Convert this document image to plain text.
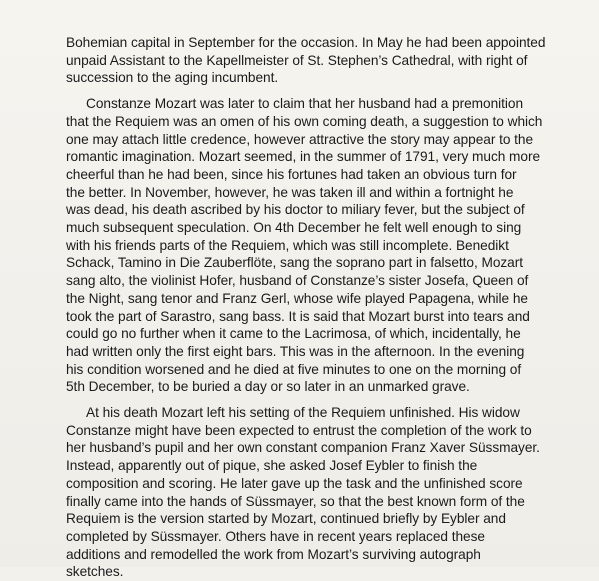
Bohemian capital in September for the occasion. In May he had been appointed
unpaid Assistant to the Kapellmeister of St. Stephen’s Cathedral, with right of
succession to the aging incumbent.

Constanze Mozart was later to claim that her husband had a premonition
that the Requiem was an omen of his own coming death, a suggestion to which
one may attach little credence, however attractive the story may appear to the
romantic imagination. Mozart seemed, in the summer of 1791, very much more
cheerful than he had been, since his fortunes had taken an obvious turn for
the better. In November, however, he was taken ill and within a fortnight he
was dead, his death ascribed by his doctor to miliary fever, but the subject of
much subsequent speculation. On 4th December he felt well enough to sing
with his friends parts of the Requiem, which was still incomplete. Benedikt
Schack, Tamino in Die Zauberflöte, sang the soprano part in falsetto, Mozart
sang alto, the violinist Hofer, husband of Constanze’s sister Josefa, Queen of
the Night, sang tenor and Franz Gerl, whose wife played Papagena, while he
took the part of Sarastro, sang bass. It is said that Mozart burst into tears and
could go no further when it came to the Lacrimosa, of which, incidentally, he
had written only the first eight bars. This was in the afternoon. In the evening
his condition worsened and he died at five minutes to one on the morning of
5th December, to be buried a day or so later in an unmarked grave.

At his death Mozart left his setting of the Requiem unfinished. His widow
Constanze might have been expected to entrust the completion of the work to
her husband’s pupil and her own constant companion Franz Xaver Süssmayer.
Instead, apparently out of pique, she asked Josef Eybler to finish the
composition and scoring. He later gave up the task and the unfinished score
finally came into the hands of Süssmayer, so that the best known form of the
Requiem is the version started by Mozart, continued briefly by Eybler and
completed by Süssmayer. Others have in recent years replaced these
additions and remodelled the work from Mozart’s surviving autograph
sketches.
